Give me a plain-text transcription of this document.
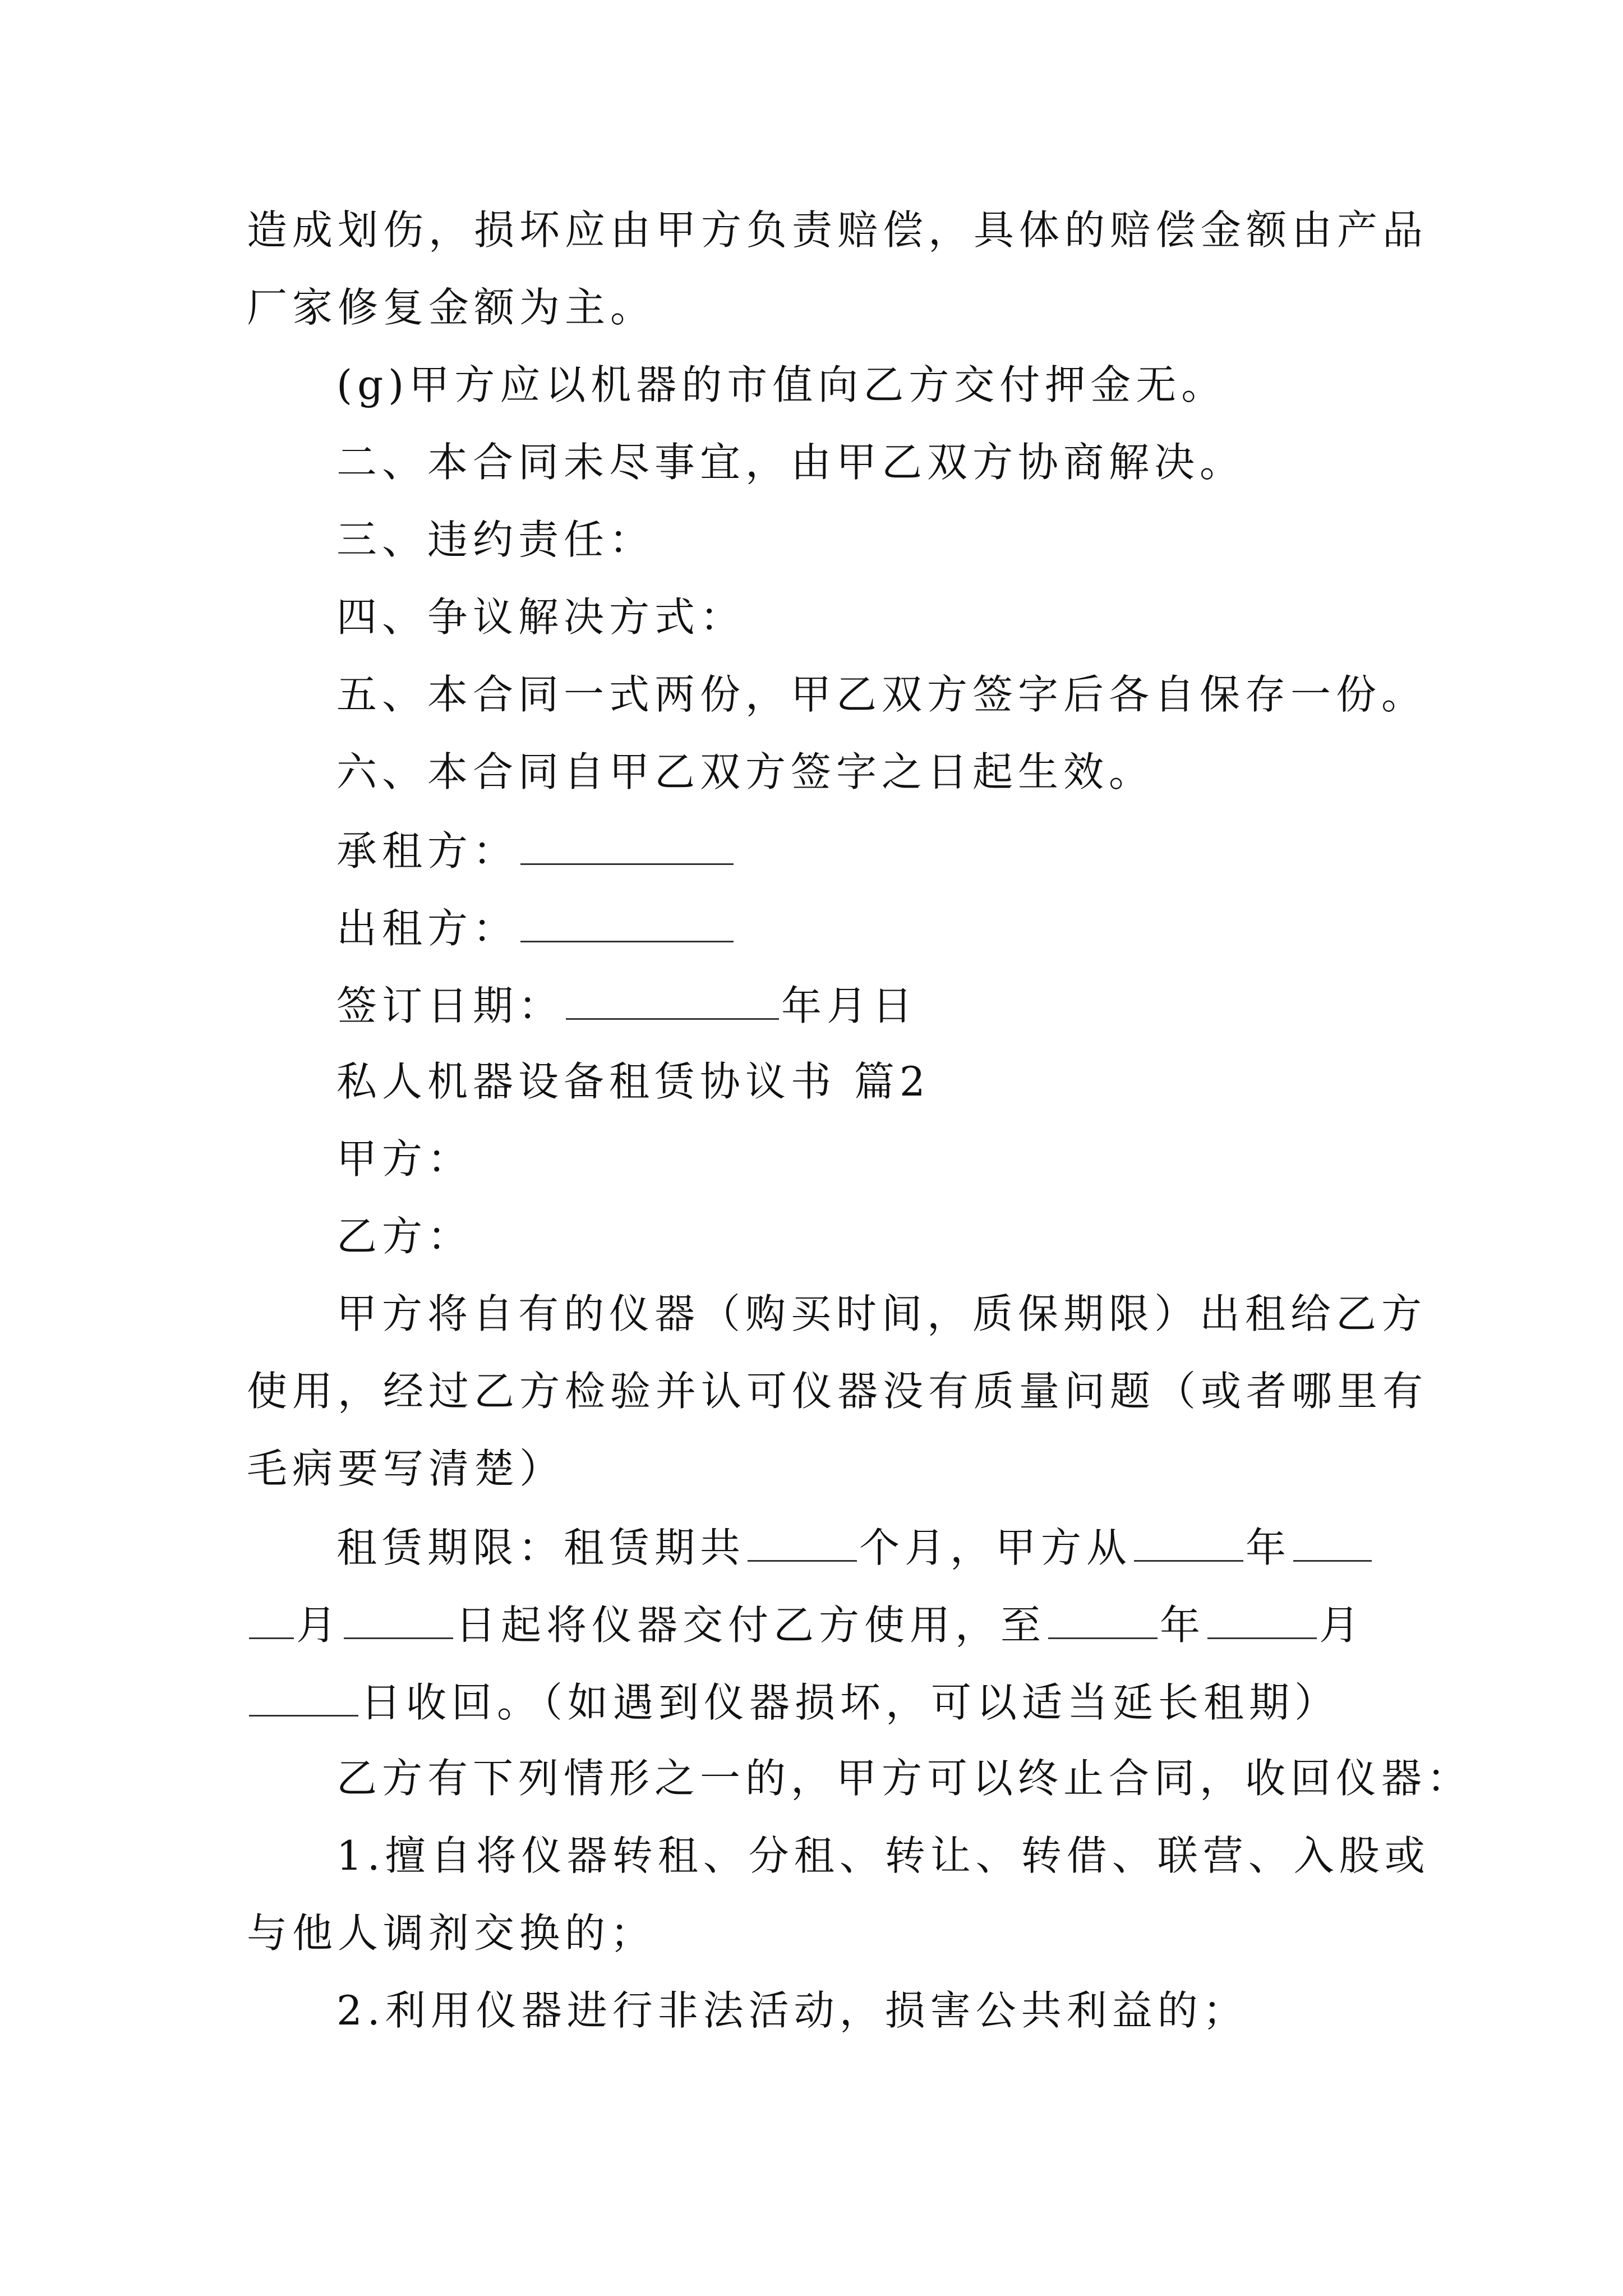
造成划伤，损坏应由甲方负责赔偿，具体的赔偿金额由产品
厂家修复金额为主。
(g)甲方应以机器的市值向乙方交付押金无。
二、本合同未尽事宜，由甲乙双方协商解决。
三、违约责任：
四、争议解决方式：
五、本合同一式两份，甲乙双方签字后各自保存一份。
六、本合同自甲乙双方签字之日起生效。
承租方：
出租方：
签订日期：	年月日
私人机器设备租赁协议书 篇2
甲方：
乙方：
甲方将自有的仪器（购买时间，质保期限）出租给乙方
使用，经过乙方检验并认可仪器没有质量问题（或者哪里有
毛病要写清楚）
租赁期限：租赁期共	个月，甲方从	年
月	日起将仪器交付乙方使用，至	年	月
日收回。（如遇到仪器损坏，可以适当延长租期）
乙方有下列情形之一的，甲方可以终止合同，收回仪器：
1.擅自将仪器转租、分租、转让、转借、联营、入股或
与他人调剂交换的；
2.利用仪器进行非法活动，损害公共利益的；
